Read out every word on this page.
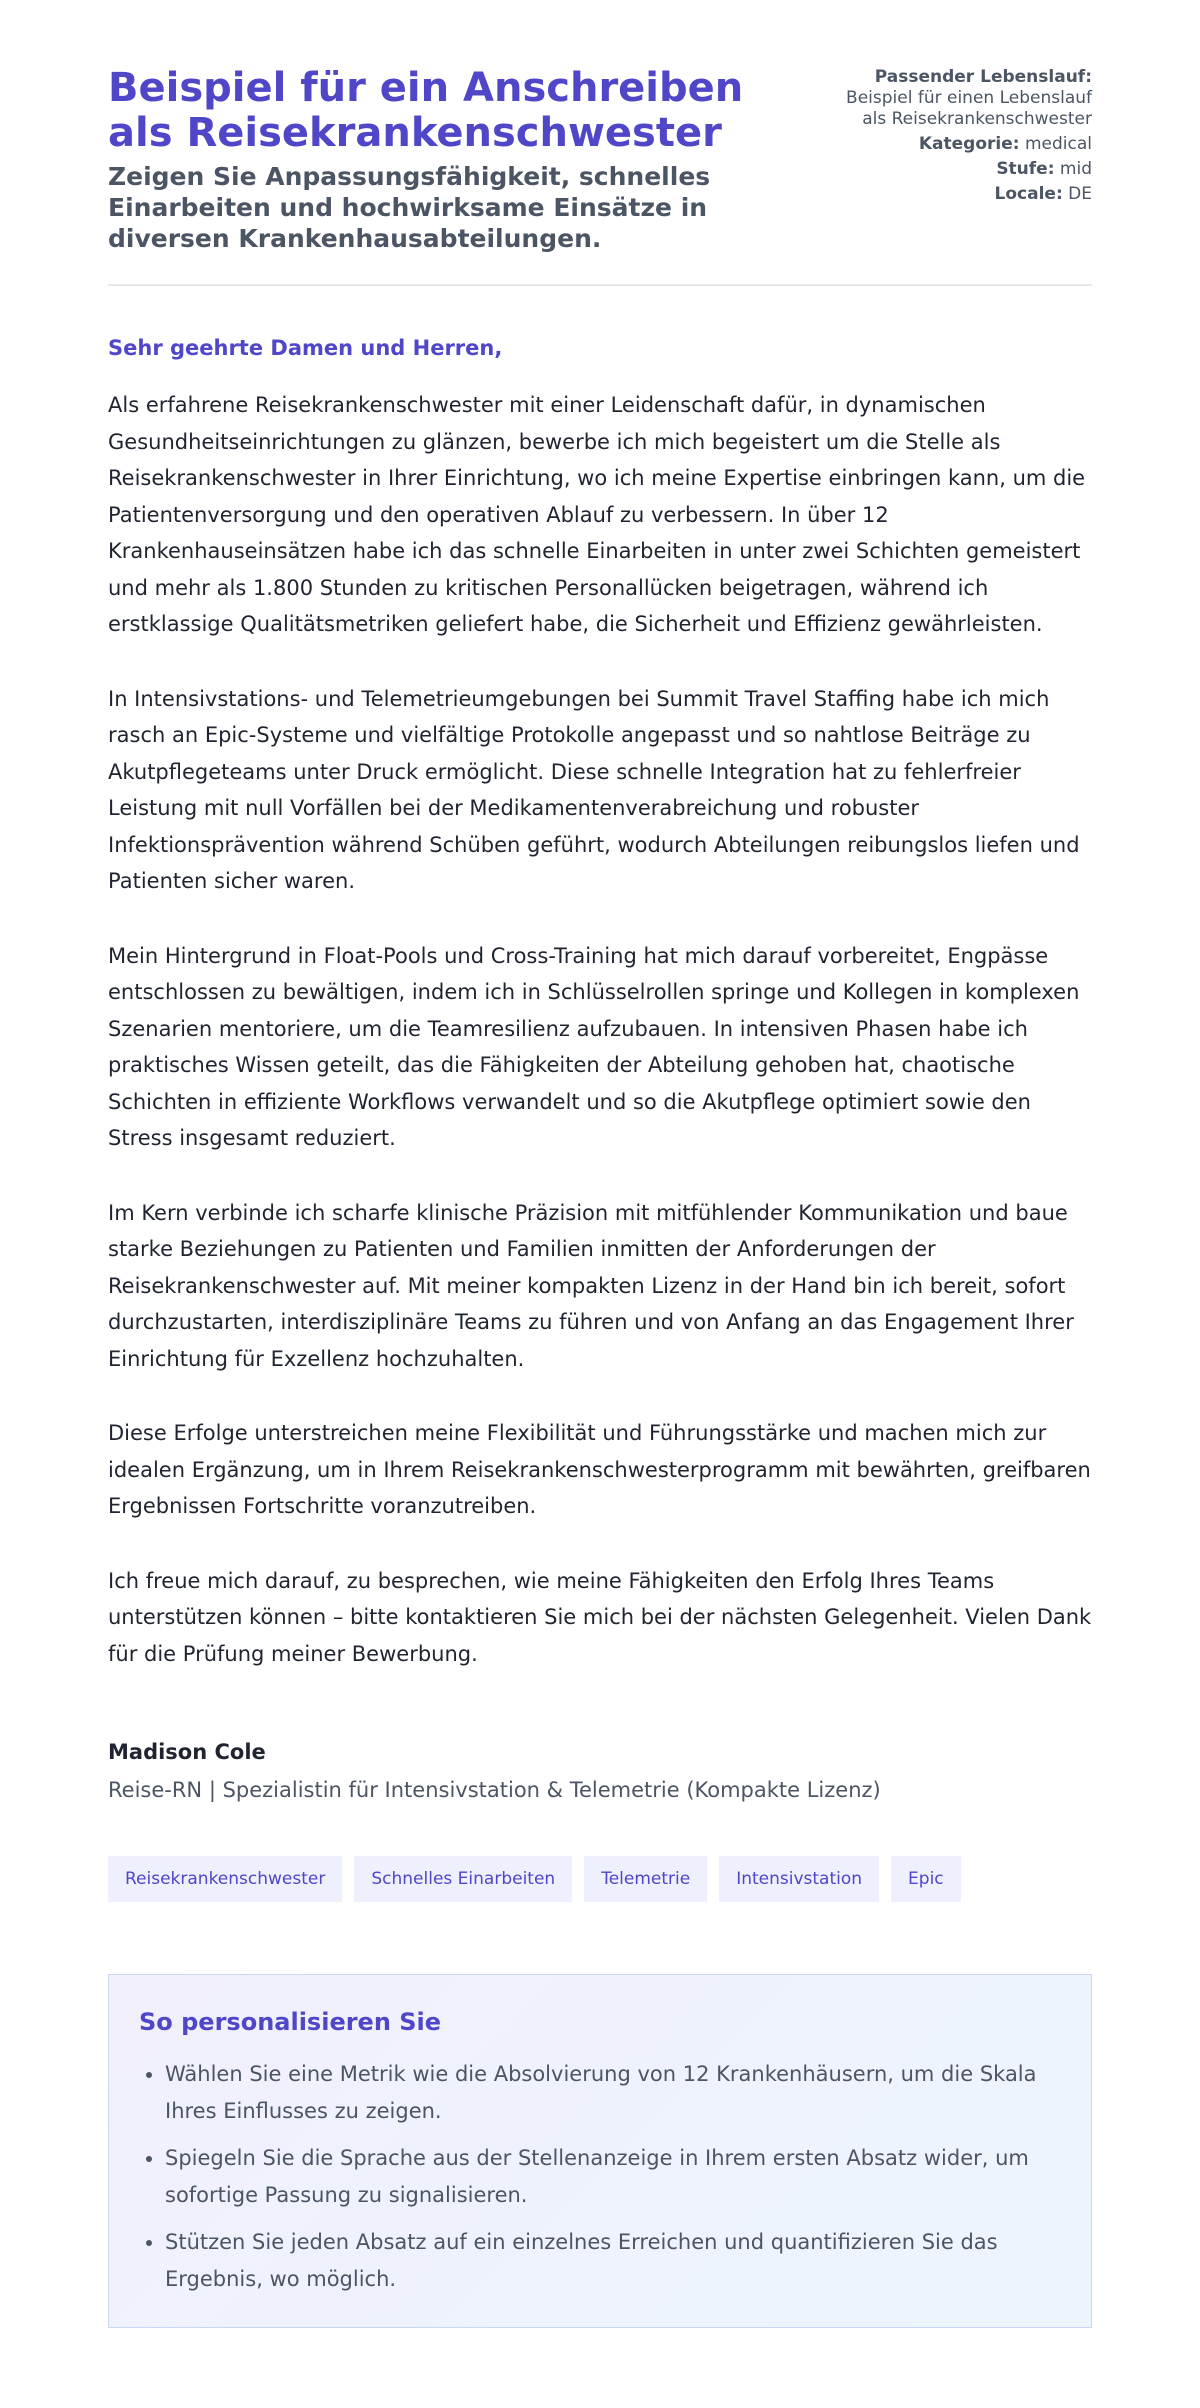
Beispiel für ein Anschreiben als Reisekrankenschwester
Zeigen Sie Anpassungsfähigkeit, schnelles Einarbeiten und hochwirksame Einsätze in diversen Krankenhausabteilungen.
Passender Lebenslauf:
Beispiel für einen Lebenslauf als Reisekrankenschwester
Kategorie: medical
Stufe: mid
Locale: DE

Sehr geehrte Damen und Herren,

Als erfahrene Reisekrankenschwester mit einer Leidenschaft dafür, in dynamischen Gesundheitseinrichtungen zu glänzen, bewerbe ich mich begeistert um die Stelle als Reisekrankenschwester in Ihrer Einrichtung, wo ich meine Expertise einbringen kann, um die Patientenversorgung und den operativen Ablauf zu verbessern. In über 12 Krankenhauseinsätzen habe ich das schnelle Einarbeiten in unter zwei Schichten gemeistert und mehr als 1.800 Stunden zu kritischen Personallücken beigetragen, während ich erstklassige Qualitätsmetriken geliefert habe, die Sicherheit und Effizienz gewährleisten.

In Intensivstations- und Telemetrieumgebungen bei Summit Travel Staffing habe ich mich rasch an Epic-Systeme und vielfältige Protokolle angepasst und so nahtlose Beiträge zu Akutpflegeteams unter Druck ermöglicht. Diese schnelle Integration hat zu fehlerfreier Leistung mit null Vorfällen bei der Medikamentenverabreichung und robuster Infektionsprävention während Schüben geführt, wodurch Abteilungen reibungslos liefen und Patienten sicher waren.

Mein Hintergrund in Float-Pools und Cross-Training hat mich darauf vorbereitet, Engpässe entschlossen zu bewältigen, indem ich in Schlüsselrollen springe und Kollegen in komplexen Szenarien mentoriere, um die Teamresilienz aufzubauen. In intensiven Phasen habe ich praktisches Wissen geteilt, das die Fähigkeiten der Abteilung gehoben hat, chaotische Schichten in effiziente Workflows verwandelt und so die Akutpflege optimiert sowie den Stress insgesamt reduziert.

Im Kern verbinde ich scharfe klinische Präzision mit mitfühlender Kommunikation und baue starke Beziehungen zu Patienten und Familien inmitten der Anforderungen der Reisekrankenschwester auf. Mit meiner kompakten Lizenz in der Hand bin ich bereit, sofort durchzustarten, interdisziplinäre Teams zu führen und von Anfang an das Engagement Ihrer Einrichtung für Exzellenz hochzuhalten.

Diese Erfolge unterstreichen meine Flexibilität und Führungsstärke und machen mich zur idealen Ergänzung, um in Ihrem Reisekrankenschwesterprogramm mit bewährten, greifbaren Ergebnissen Fortschritte voranzutreiben.

Ich freue mich darauf, zu besprechen, wie meine Fähigkeiten den Erfolg Ihres Teams unterstützen können – bitte kontaktieren Sie mich bei der nächsten Gelegenheit. Vielen Dank für die Prüfung meiner Bewerbung.

Madison Cole
Reise-RN | Spezialistin für Intensivstation & Telemetrie (Kompakte Lizenz)
Reisekrankenschwester	Schnelles Einarbeiten	Telemetrie	Intensivstation	Epic
So personalisieren Sie
• Wählen Sie eine Metrik wie die Absolvierung von 12 Krankenhäusern, um die Skala Ihres Einflusses zu zeigen.
• Spiegeln Sie die Sprache aus der Stellenanzeige in Ihrem ersten Absatz wider, um sofortige Passung zu signalisieren.
• Stützen Sie jeden Absatz auf ein einzelnes Erreichen und quantifizieren Sie das Ergebnis, wo möglich.
